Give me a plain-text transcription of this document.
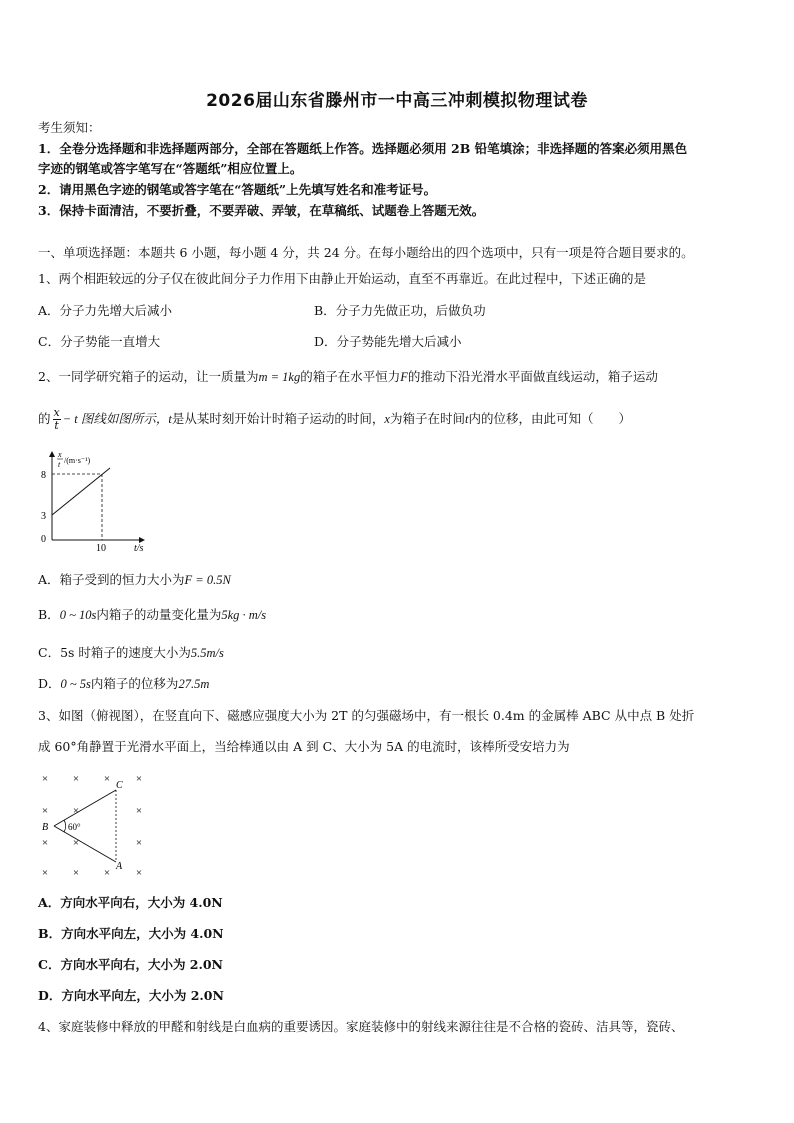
2026届山东省滕州市一中高三冲刺模拟物理试卷
考生须知：
1．全卷分选择题和非选择题两部分，全部在答题纸上作答。选择题必须用 2B 铅笔填涂；非选择题的答案必须用黑色
字迹的钢笔或答字笔写在“答题纸”相应位置上。
2．请用黑色字迹的钢笔或答字笔在“答题纸”上先填写姓名和准考证号。
3．保持卡面清洁，不要折叠，不要弄破、弄皱，在草稿纸、试题卷上答题无效。
一、单项选择题：本题共 6 小题，每小题 4 分，共 24 分。在每小题给出的四个选项中，只有一项是符合题目要求的。
1、两个相距较远的分子仅在彼此间分子力作用下由静止开始运动，直至不再靠近。在此过程中，下述正确的是
A．分子力先增大后减小	B．分子力先做正功，后做负功
C．分子势能一直增大	D．分子势能先增大后减小
2、一同学研究箱子的运动，让一质量为m = 1kg的箱子在水平恒力F的推动下沿光滑水平面做直线运动，箱子运动
的 $\frac{x}{t} - t$ 图线如图所示，t是从某时刻开始计时箱子运动的时间，x为箱子在时间t内的位移，由此可知（　　）
x
t /(m·s⁻¹)
8
3
0
10	t/s
A．箱子受到的恒力大小为F = 0.5N
B．0 ~ 10s内箱子的动量变化量为5kg · m/s
C．5s 时箱子的速度大小为5.5m/s
D．0 ~ 5s内箱子的位移为27.5m
3、如图（俯视图），在竖直向下、磁感应强度大小为 2T 的匀强磁场中，有一根长 0.4m 的金属棒 ABC 从中点 B 处折
成 60°角静置于光滑水平面上，当给棒通以由 A 到 C、大小为 5A 的电流时，该棒所受安培力为
× × × ×
× ×	×
× ×	×
× × × ×
C
B
A
60°
A．方向水平向右，大小为 4.0N
B．方向水平向左，大小为 4.0N
C．方向水平向右，大小为 2.0N
D．方向水平向左，大小为 2.0N
4、家庭装修中释放的甲醛和射线是白血病的重要诱因。家庭装修中的射线来源往往是不合格的瓷砖、洁具等，瓷砖、
